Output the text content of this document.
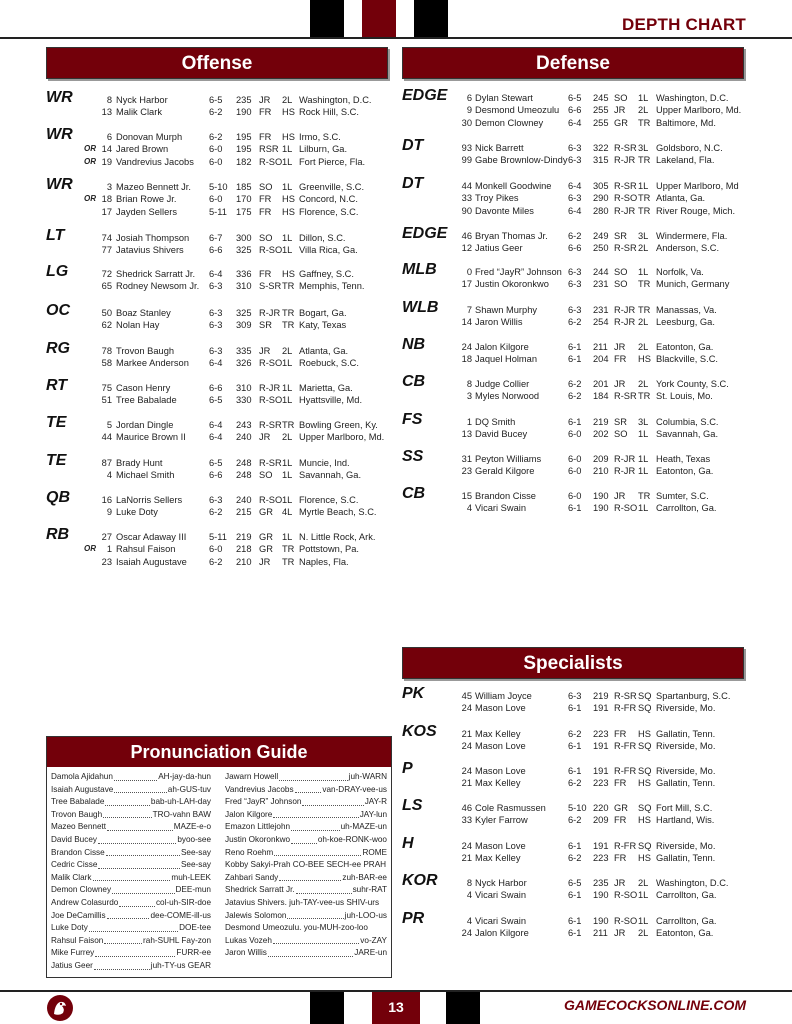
DEPTH CHART
Offense	Defense
Specialists
WR	8 Nyck Harbor	6-5 235 JR 2L Washington, D.C.
13 Malik Clark	6-2 190 FR HS Rock Hill, S.C.
WR	6 Donovan Murph	6-2 195 FR HS Irmo, S.C.
OR 14 Jared Brown	6-0 195 RSR 1L Lilburn, Ga.
OR 19 Vandrevius Jacobs 6-0 182 R-SO 1L Fort Pierce, Fla.
WR	3 Mazeo Bennett Jr. 5-10 185 SO 1L Greenville, S.C.
OR 18 Brian Rowe Jr.	6-0 170 FR HS Concord, N.C.
17 Jayden Sellers	5-11 175 FR HS Florence, S.C.
LT	74 Josiah Thompson 6-7 300 SO 1L Dillon, S.C.
77 Jatavius Shivers	6-6 325 R-SO 1L Villa Rica, Ga.
LG	72 Shedrick Sarratt Jr. 6-4 336 FR HS Gaffney, S.C.
65 Rodney Newsom Jr. 6-3 310 S-SR TR Memphis, Tenn.
OC	50 Boaz Stanley	6-3 325 R-JR TR Bogart, Ga.
62 Nolan Hay	6-3 309 SR TR Katy, Texas
RG	78 Trovon Baugh	6-3 335 JR 2L Atlanta, Ga.
58 Markee Anderson 6-4 326 R-SO 1L Roebuck, S.C.
RT	75 Cason Henry	6-6 310 R-JR 1L Marietta, Ga.
51 Tree Babalade	6-5 330 R-SO 1L Hyattsville, Md.
TE	5 Jordan Dingle	6-4 243 R-SR TR Bowling Green, Ky.
44 Maurice Brown II	6-4 240 JR 2L Upper Marlboro, Md.
TE	87 Brady Hunt	6-5 248 R-SR 1L Muncie, Ind.
4 Michael Smith	6-6 248 SO 1L Savannah, Ga.
QB	16 LaNorris Sellers	6-3 240 R-SO 1L Florence, S.C.
9 Luke Doty	6-2 215 GR 4L Myrtle Beach, S.C.
RB	27 Oscar Adaway III 5-11 219 GR 1L N. Little Rock, Ark.
OR 1 Rahsul Faison	6-0 218 GR TR Pottstown, Pa.
23 Isaiah Augustave 6-2 210 JR TR Naples, Fla.
EDGE 6 Dylan Stewart	6-5 245 SO 1L Washington, D.C.
9 Desmond Umeozulu 6-6 255 JR 2L Upper Marlboro, Md.
30 Demon Clowney	6-4 255 GR TR Baltimore, Md.
DT	93 Nick Barrett	6-3 322 R-SR 3L Goldsboro, N.C.
99 Gabe Brownlow-Dindy 6-3 315 R-JR TR Lakeland, Fla.
DT	44 Monkell Goodwine 6-4 305 R-SR 1L Upper Marlboro, Md
33 Troy Pikes	6-3 290 R-SO TR Atlanta, Ga.
90 Davonte Miles	6-4 280 R-JR TR River Rouge, Mich.
EDGE 46 Bryan Thomas Jr. 6-2 249 SR 3L Windermere, Fla.
12 Jatius Geer	6-6 250 R-SR 2L Anderson, S.C.
MLB	0 Fred “JayR” Johnson 6-3 244 SO 1L Norfolk, Va.
17 Justin Okoronkwo 6-3 231 SO TR Munich, Germany
WLB	7 Shawn Murphy	6-3 231 R-JR TR Manassas, Va.
14 Jaron Willis	6-2 254 R-JR 2L Leesburg, Ga.
NB	24 Jalon Kilgore	6-1 211 JR 2L Eatonton, Ga.
18 Jaquel Holman	6-1 204 FR HS Blackville, S.C.
CB	8 Judge Collier	6-2 201 JR 2L York County, S.C.
3 Myles Norwood	6-2 184 R-SR TR St. Louis, Mo.
FS	1 DQ Smith	6-1 219 SR 3L Columbia, S.C.
13 David Bucey	6-0 202 SO 1L Savannah, Ga.
SS	31 Peyton Williams	6-0 209 R-JR 1L Heath, Texas
23 Gerald Kilgore	6-0 210 R-JR 1L Eatonton, Ga.
CB	15 Brandon Cisse	6-0 190 JR TR Sumter, S.C.
4 Vicari Swain	6-1 190 R-SO 1L Carrollton, Ga.
PK	45 William Joyce	6-3 219 R-SR SQ Spartanburg, S.C.
24 Mason Love	6-1 191 R-FR SQ Riverside, Mo.
KOS	21 Max Kelley	6-2 223 FR HS Gallatin, Tenn.
24 Mason Love	6-1 191 R-FR SQ Riverside, Mo.
P	24 Mason Love	6-1 191 R-FR SQ Riverside, Mo.
21 Max Kelley	6-2 223 FR HS Gallatin, Tenn.
LS	46 Cole Rasmussen 5-10 220 GR SQ Fort Mill, S.C.
33 Kyler Farrow	6-2 209 FR HS Hartland, Wis.
H	24 Mason Love	6-1 191 R-FR SQ Riverside, Mo.
21 Max Kelley	6-2 223 FR HS Gallatin, Tenn.
KOR	8 Nyck Harbor	6-5 235 JR 2L Washington, D.C.
4 Vicari Swain	6-1 190 R-SO 1L Carrollton, Ga.
PR	4 Vicari Swain	6-1 190 R-SO 1L Carrollton, Ga.
24 Jalon Kilgore	6-1 211 JR 2L Eatonton, Ga.
Pronunciation Guide
Damola Ajidahun	AH-jay-da-hun
Isaiah Augustave	ah-GUS-tuv
Tree Babalade	bab-uh-LAH-day
Trovon Baugh	TRO-vahn BAW
Mazeo Bennett	MAZE-e-o
David Bucey	byoo-see
Brandon Cisse	See-say
Cedric Cisse	See-say
Malik Clark	muh-LEEK
Demon Clowney	DEE-mun
Andrew Colasurdo	col-uh-SIR-doe
Joe DeCamillis	dee-COME-ill-us
Luke Doty	DOE-tee
Rahsul Faison	rah-SUHL Fay-zon
Mike Furrey	FURR-ee
Jatius Geer	juh-TY-us GEAR
Jawarn Howell	juh-WARN
Vandrevius Jacobs	van-DRAY-vee-us
Fred “JayR” Johnson	JAY-R
Jalon Kilgore	JAY-lun
Emazon Littlejohn	uh-MAZE-un
Justin Okoronkwo	oh-koe-RONK-woo
Reno Roehm	ROME
Kobby Sakyi-Prah CO-BEE SECH-ee PRAH
Zahbari Sandy	zuh-BAR-ee
Shedrick Sarratt Jr.	suhr-RAT
Jatavius Shivers. juh-TAY-vee-us SHIV-urs
Jalewis Solomon	juh-LOO-us
Desmond Umeozulu. you-MUH-zoo-loo
Lukas Vozeh	vo-ZAY
Jaron Willis	JARE-un
13	GAMECOCKSONLINE.COM
